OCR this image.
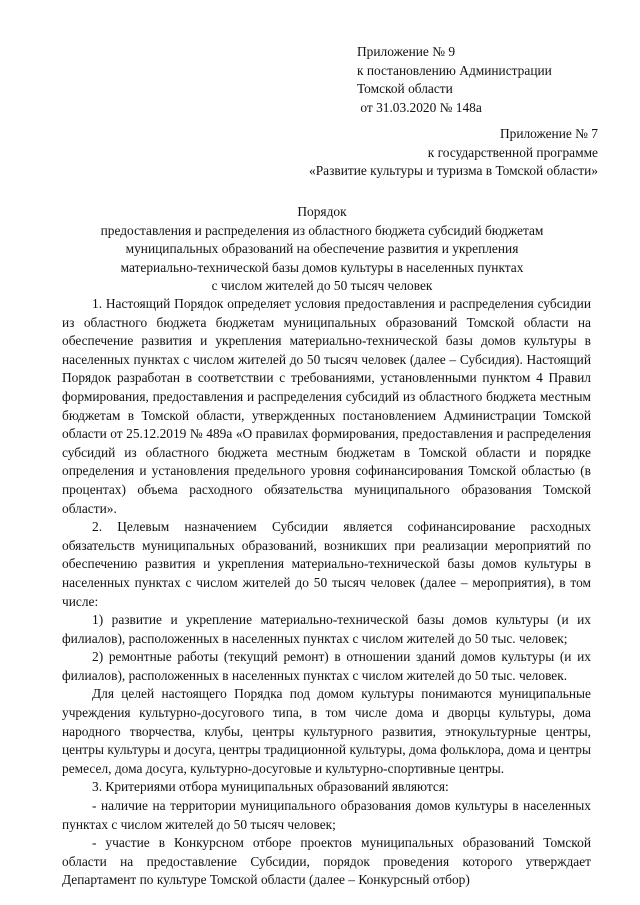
Приложение № 9
к постановлению Администрации
Томской области
от 31.03.2020 № 148а
Приложение № 7
к государственной программе
«Развитие культуры и туризма в Томской области»
Порядок
предоставления и распределения из областного бюджета субсидий бюджетам
муниципальных образований на обеспечение развития и укрепления
материально-технической базы домов культуры в населенных пунктах
с числом жителей до 50 тысяч человек

1. Настоящий Порядок определяет условия предоставления и распределения субсидии из областного бюджета бюджетам муниципальных образований Томской области на обеспечение развития и укрепления материально-технической базы домов культуры в населенных пунктах с числом жителей до 50 тысяч человек (далее – Субсидия). Настоящий Порядок разработан в соответствии с требованиями, установленными пунктом 4 Правил формирования, предоставления и распределения субсидий из областного бюджета местным бюджетам в Томской области, утвержденных постановлением Администрации Томской области от 25.12.2019 № 489а «О правилах формирования, предоставления и распределения субсидий из областного бюджета местным бюджетам в Томской области и порядке определения и установления предельного уровня софинансирования Томской областью (в процентах) объема расходного обязательства муниципального образования Томской области».

2. Целевым назначением Субсидии является софинансирование расходных обязательств муниципальных образований, возникших при реализации мероприятий по обеспечению развития и укрепления материально-технической базы домов культуры в населенных пунктах с числом жителей до 50 тысяч человек (далее – мероприятия), в том числе:

1) развитие и укрепление материально-технической базы домов культуры (и их филиалов), расположенных в населенных пунктах с числом жителей до 50 тыс. человек;

2) ремонтные работы (текущий ремонт) в отношении зданий домов культуры (и их филиалов), расположенных в населенных пунктах с числом жителей до 50 тыс. человек.

Для целей настоящего Порядка под домом культуры понимаются муниципальные учреждения культурно-досугового типа, в том числе дома и дворцы культуры, дома народного творчества, клубы, центры культурного развития, этнокультурные центры, центры культуры и досуга, центры традиционной культуры, дома фольклора, дома и центры ремесел, дома досуга, культурно-досуговые и культурно-спортивные центры.

3. Критериями отбора муниципальных образований являются:

- наличие на территории муниципального образования домов культуры в населенных пунктах с числом жителей до 50 тысяч человек;

- участие в Конкурсном отборе проектов муниципальных образований Томской области на предоставление Субсидии, порядок проведения которого утверждает Департамент по культуре Томской области (далее – Конкурсный отбор)
